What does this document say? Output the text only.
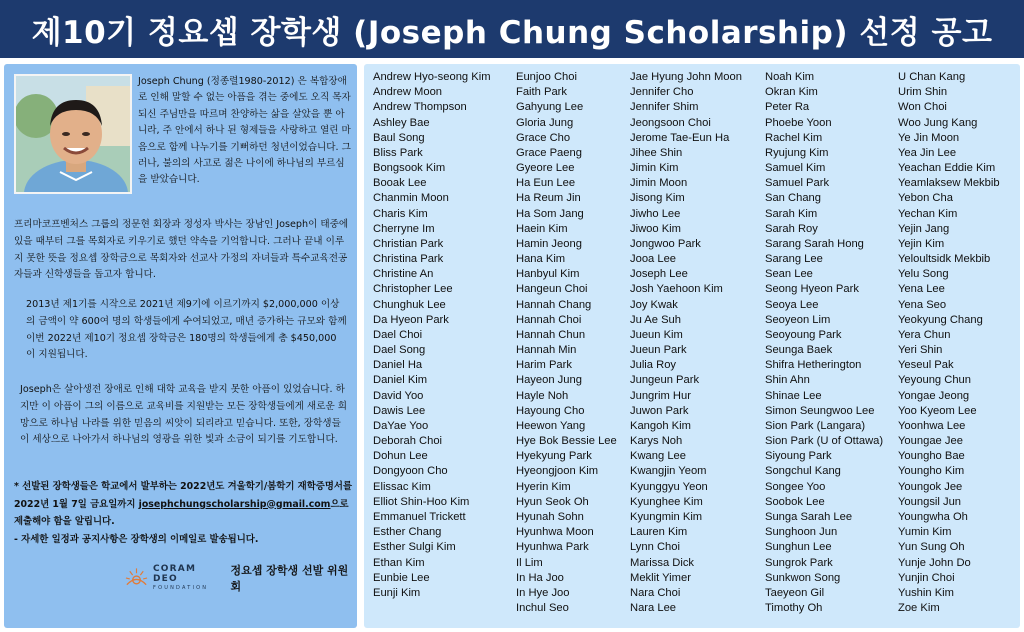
제10기 정요셉 장학생 (Joseph Chung Scholarship) 선정 공고
Joseph Chung (정종렬1980-2012) 은 복합장애로 인해 말할 수 없는 아픔을 겪는 중에도 오직 목자 되신 주님만을 따르며 찬양하는 삶을 살았을 뿐 아니라, 주 안에서 하나 된 형제들을 사랑하고 열린 마음으로 함께 나누기를 기뻐하던 청년이었습니다. 그러나, 불의의 사고로 젊은 나이에 하나님의 부르심을 받았습니다.
프리마코프벤처스 그룹의 정문현 회장과 정성자 박사는 장남인 Joseph이 태중에 있을 때부터 그를 목회자로 키우기로 했던 약속을 기억합니다. 그러나 끝내 이루지 못한 뜻을 정요셉 장학금으로 목회자와 선교사 가정의 자녀들과 특수교육전공자들과 신학생들을 돕고자 합니다.
2013년 제1기를 시작으로 2021년 제9기에 이르기까지 $2,000,000 이상의 금액이 약 600여 명의 학생들에게 수여되었고, 매년 증가하는 규모와 함께 이번 2022년 제10기 정요셉 장학금은 180명의 학생들에게 총 $450,000 이 지원됩니다.
Joseph은 살아생전 장애로 인해 대학 교육을 받지 못한 아픔이 있었습니다. 하지만 이 아픔이 그의 이름으로 교육비를 지원받는 모든 장학생들에게 새로운 희망으로 하나님 나라를 위한 믿음의 씨앗이 되리라고 믿습니다. 또한, 장학생들이 세상으로 나아가서 하나님의 영광을 위한 빛과 소금이 되기를 기도합니다.
* 선발된 장학생들은 학교에서 발부하는 2022년도 겨울학기/봄학기 재학증명서를 2022년 1월 7일 금요일까지 josephchungscholarship@gmail.com으로 제출해야 함을 알립니다.
- 자세한 일정과 공지사항은 장학생의 이메일로 발송됩니다.
CORAM DEO
FOUNDATION
정요셉 장학생 선발 위원회
Andrew Hyo-seong Kim
Andrew Moon
Andrew Thompson
Ashley Bae
Baul Song
Bliss Park
Bongsook Kim
Booak Lee
Chanmin Moon
Charis Kim
Cherryne Im
Christian Park
Christina Park
Christine An
Christopher Lee
Chunghuk Lee
Da Hyeon Park
Dael Choi
Dael Song
Daniel Ha
Daniel Kim
David Yoo
Dawis Lee
DaYae Yoo
Deborah Choi
Dohun Lee
Dongyoon Cho
Elissac Kim
Elliot Shin-Hoo Kim
Emmanuel Trickett
Esther Chang
Esther Sulgi Kim
Ethan Kim
Eunbie Lee
Eunji Kim
Eunjoo Choi
Faith Park
Gahyung Lee
Gloria Jung
Grace Cho
Grace Paeng
Gyeore Lee
Ha Eun Lee
Ha Reum Jin
Ha Som Jang
Haein Kim
Hamin Jeong
Hana Kim
Hanbyul Kim
Hangeun Choi
Hannah Chang
Hannah Choi
Hannah Chun
Hannah Min
Harim Park
Hayeon Jung
Hayle Noh
Hayoung Cho
Heewon Yang
Hye Bok Bessie Lee
Hyekyung Park
Hyeongjoon Kim
Hyerin Kim
Hyun Seok Oh
Hyunah Sohn
Hyunhwa Moon
Hyunhwa Park
Il Lim
In Ha Joo
In Hye Joo
Inchul Seo
Jae Hyung John Moon
Jennifer Cho
Jennifer Shim
Jeongsoon Choi
Jerome Tae-Eun Ha
Jihee Shin
Jimin Kim
Jimin Moon
Jisong Kim
Jiwho Lee
Jiwoo Kim
Jongwoo Park
Jooa Lee
Joseph Lee
Josh Yaehoon Kim
Joy Kwak
Ju Ae Suh
Jueun Kim
Jueun Park
Julia Roy
Jungeun Park
Jungrim Hur
Juwon Park
Kangoh Kim
Karys Noh
Kwang Lee
Kwangjin Yeom
Kyunggyu Yeon
Kyunghee Kim
Kyungmin Kim
Lauren Kim
Lynn Choi
Marissa Dick
Meklit Yimer
Nara Choi
Nara Lee
Noah Kim
Okran Kim
Peter Ra
Phoebe Yoon
Rachel Kim
Ryujung Kim
Samuel Kim
Samuel Park
San Chang
Sarah Kim
Sarah Roy
Sarang Sarah Hong
Sarang Lee
Sean Lee
Seong Hyeon Park
Seoya Lee
Seoyeon Lim
Seoyoung Park
Seunga Baek
Shifra Hetherington
Shin Ahn
Shinae Lee
Simon Seungwoo Lee
Sion Park (Langara)
Sion Park (U of Ottawa)
Siyoung Park
Songchul Kang
Songee Yoo
Soobok Lee
Sunga Sarah Lee
Sunghoon Jun
Sunghun Lee
Sungrok Park
Sunkwon Song
Taeyeon Gil
Timothy Oh
U Chan Kang
Urim Shin
Won Choi
Woo Jung Kang
Ye Jin Moon
Yea Jin Lee
Yeachan Eddie Kim
Yeamlaksew Mekbib
Yebon Cha
Yechan Kim
Yejin Jang
Yejin Kim
Yeloultsidk Mekbib
Yelu Song
Yena Lee
Yena Seo
Yeokyung Chang
Yera Chun
Yeri Shin
Yeseul Pak
Yeyoung Chun
Yongae Jeong
Yoo Kyeom Lee
Yoonhwa Lee
Youngae Jee
Youngho Bae
Youngho Kim
Youngok Jee
Youngsil Jun
Youngwha Oh
Yumin Kim
Yun Sung Oh
Yunje John Do
Yunjin Choi
Yushin Kim
Zoe Kim
